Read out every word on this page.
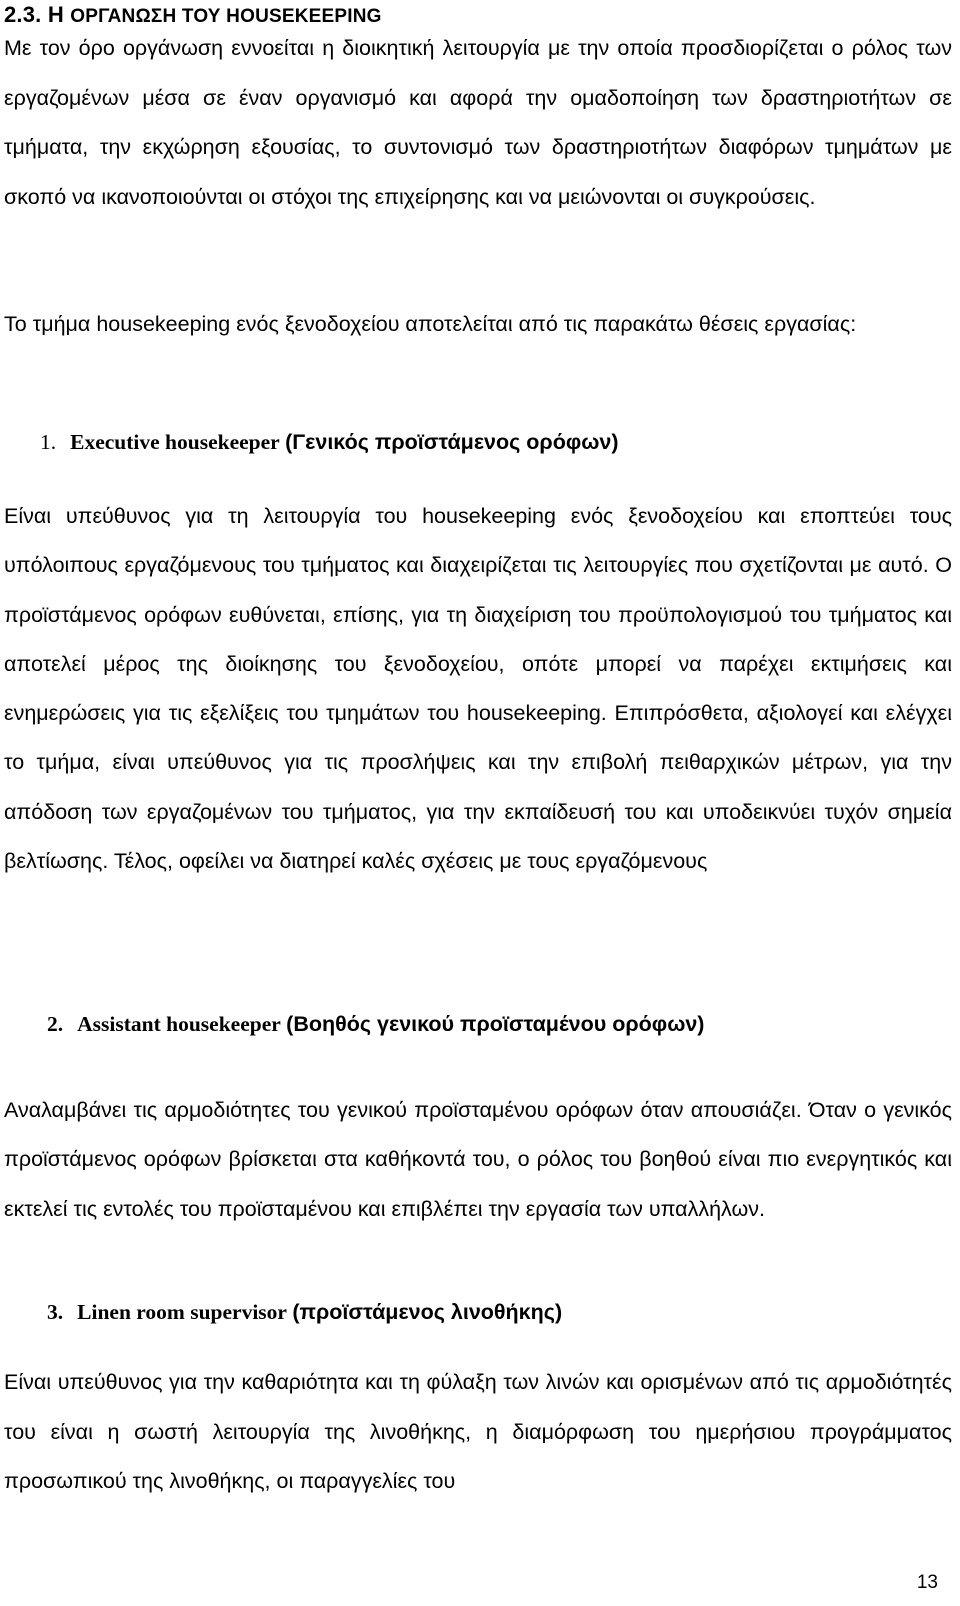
2.3. Η ΟΡΓΑΝΩΣΗ ΤΟΥ HOUSEKEEPING
Με τον όρο οργάνωση εννοείται η διοικητική λειτουργία με την οποία προσδιορίζεται ο ρόλος των εργαζομένων μέσα σε έναν οργανισμό και αφορά την ομαδοποίηση των δραστηριοτήτων σε τμήματα, την εκχώρηση εξουσίας, το συντονισμό των δραστηριοτήτων διαφόρων τμημάτων με σκοπό να ικανοποιούνται οι στόχοι της επιχείρησης και να μειώνονται οι συγκρούσεις.
Το τμήμα housekeeping ενός ξενοδοχείου αποτελείται από τις παρακάτω θέσεις εργασίας:
1. Executive housekeeper (Γενικός προϊστάμενος ορόφων)
Είναι υπεύθυνος για τη λειτουργία του housekeeping ενός ξενοδοχείου και εποπτεύει τους υπόλοιπους εργαζόμενους του τμήματος και διαχειρίζεται τις λειτουργίες που σχετίζονται με αυτό. Ο προϊστάμενος ορόφων ευθύνεται, επίσης, για τη διαχείριση του προϋπολογισμού του τμήματος και αποτελεί μέρος της διοίκησης του ξενοδοχείου, οπότε μπορεί να παρέχει εκτιμήσεις και ενημερώσεις για τις εξελίξεις του τμημάτων του housekeeping. Επιπρόσθετα, αξιολογεί και ελέγχει το τμήμα, είναι υπεύθυνος για τις προσλήψεις και την επιβολή πειθαρχικών μέτρων, για την απόδοση των εργαζομένων του τμήματος, για την εκπαίδευσή του και υποδεικνύει τυχόν σημεία βελτίωσης. Τέλος, οφείλει να διατηρεί καλές σχέσεις με τους εργαζόμενους
2. Assistant housekeeper (Βοηθός γενικού προϊσταμένου ορόφων)
Αναλαμβάνει τις αρμοδιότητες του γενικού προϊσταμένου ορόφων όταν απουσιάζει. Όταν ο γενικός προϊστάμενος ορόφων βρίσκεται στα καθήκοντά του, ο ρόλος του βοηθού είναι πιο ενεργητικός και εκτελεί τις εντολές του προϊσταμένου και επιβλέπει την εργασία των υπαλλήλων.
3. Linen room supervisor (προϊστάμενος λινοθήκης)
Είναι υπεύθυνος για την καθαριότητα και τη φύλαξη των λινών και ορισμένων από τις αρμοδιότητές του είναι η σωστή λειτουργία της λινοθήκης, η διαμόρφωση του ημερήσιου προγράμματος προσωπικού της λινοθήκης, οι παραγγελίες του
13
